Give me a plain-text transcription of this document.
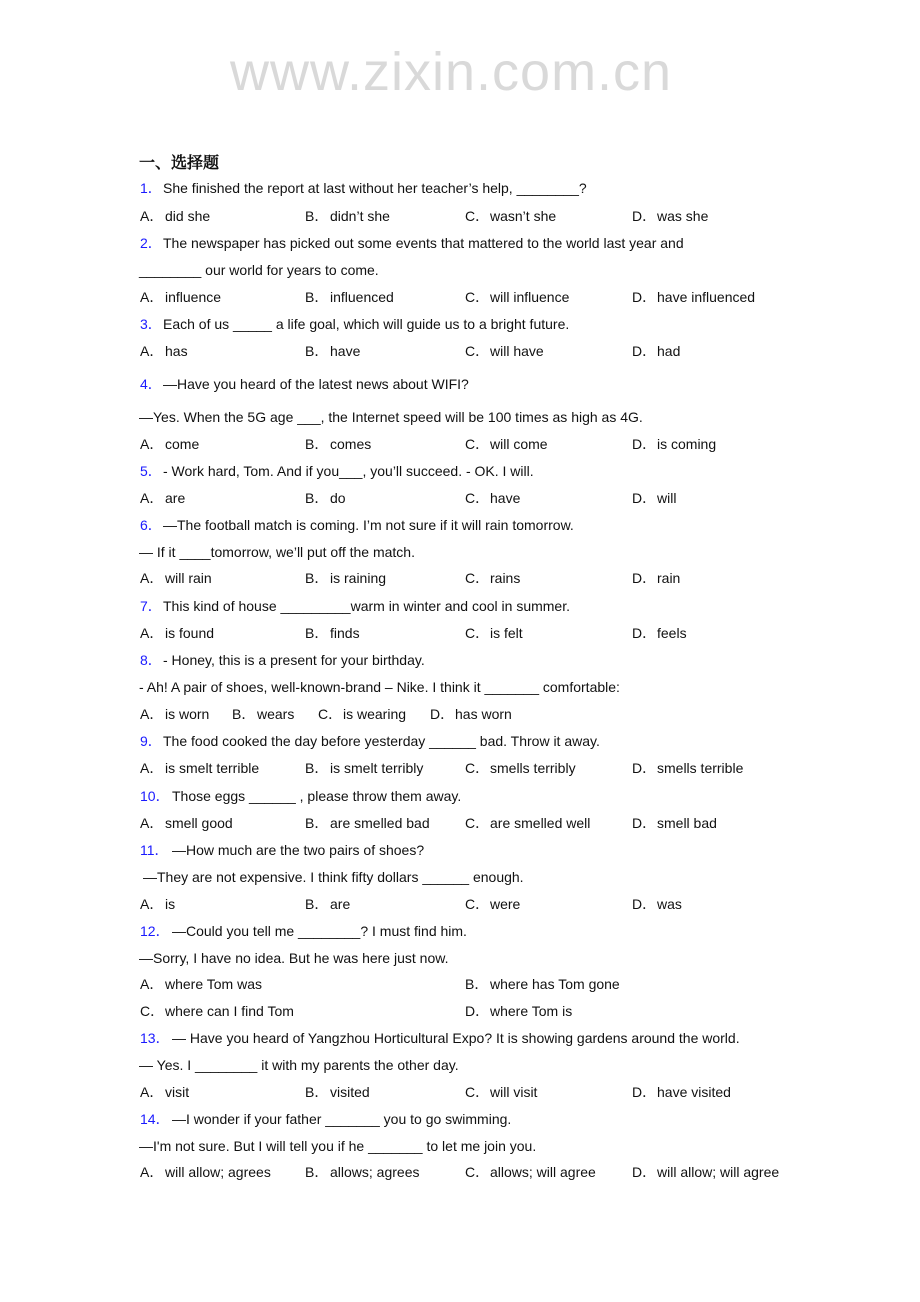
www.zixin.com.cn
一、选择题
1．She finished the report at last without her teacher’s help, ________?
A． did she	B． didn’t she	C．wasn’t she	D．was she
2．The newspaper has picked out some events that mattered to the world last year and
________ our world for years to come.
A． influence	B． influenced	C．will influence	D．have influenced
3．Each of us _____ a life goal, which will guide us to a bright future.
A． has	B． have	C．will have	D．had
4．—Have you heard of the latest news about WIFI?
—Yes. When the 5G age ___, the Internet speed will be 100 times as high as 4G.
A． come	B． comes	C．will come	D．is coming
5．- Work hard, Tom. And if you___, you’ll succeed. - OK. I will.
A． are	B． do	C．have	D．will
6．—The football match is coming. I’m not sure if it will rain tomorrow.
— If it ____tomorrow, we’ll put off the match.
A． will rain	B． is raining	C．rains	D．rain
7．This kind of house _________warm in winter and cool in summer.
A． is found	B． finds	C．is felt	D．feels
8．- Honey, this is a present for your birthday.
- Ah! A pair of shoes, well-known-brand – Nike. I think it _______ comfortable:
A． is worn B． wears C．is wearing D．has worn
9．The food cooked the day before yesterday ______ bad. Throw it away.
A． is smelt terrible	B． is smelt terribly	C．smells terribly	D．smells terrible
10． Those eggs ______ , please throw them away.
A． smell good	B． are smelled bad	C．are smelled well	D．smell bad
11． —How much are the two pairs of shoes?
—They are not expensive. I think fifty dollars ______ enough.
A． is	B． are	C．were	D．was
12． —Could you tell me ________? I must find him.
—Sorry, I have no idea. But he was here just now.
A． where Tom was	B． where has Tom gone
C．where can I find Tom	D．where Tom is
13． — Have you heard of Yangzhou Horticultural Expo? It is showing gardens around the world.
— Yes. I ________ it with my parents the other day.
A． visit	B． visited	C．will visit	D．have visited
14． —I wonder if your father _______ you to go swimming.
—I'm not sure. But I will tell you if he _______ to let me join you.
A． will allow; agrees B． allows; agrees	C．allows; will agree	D．will allow; will agree
